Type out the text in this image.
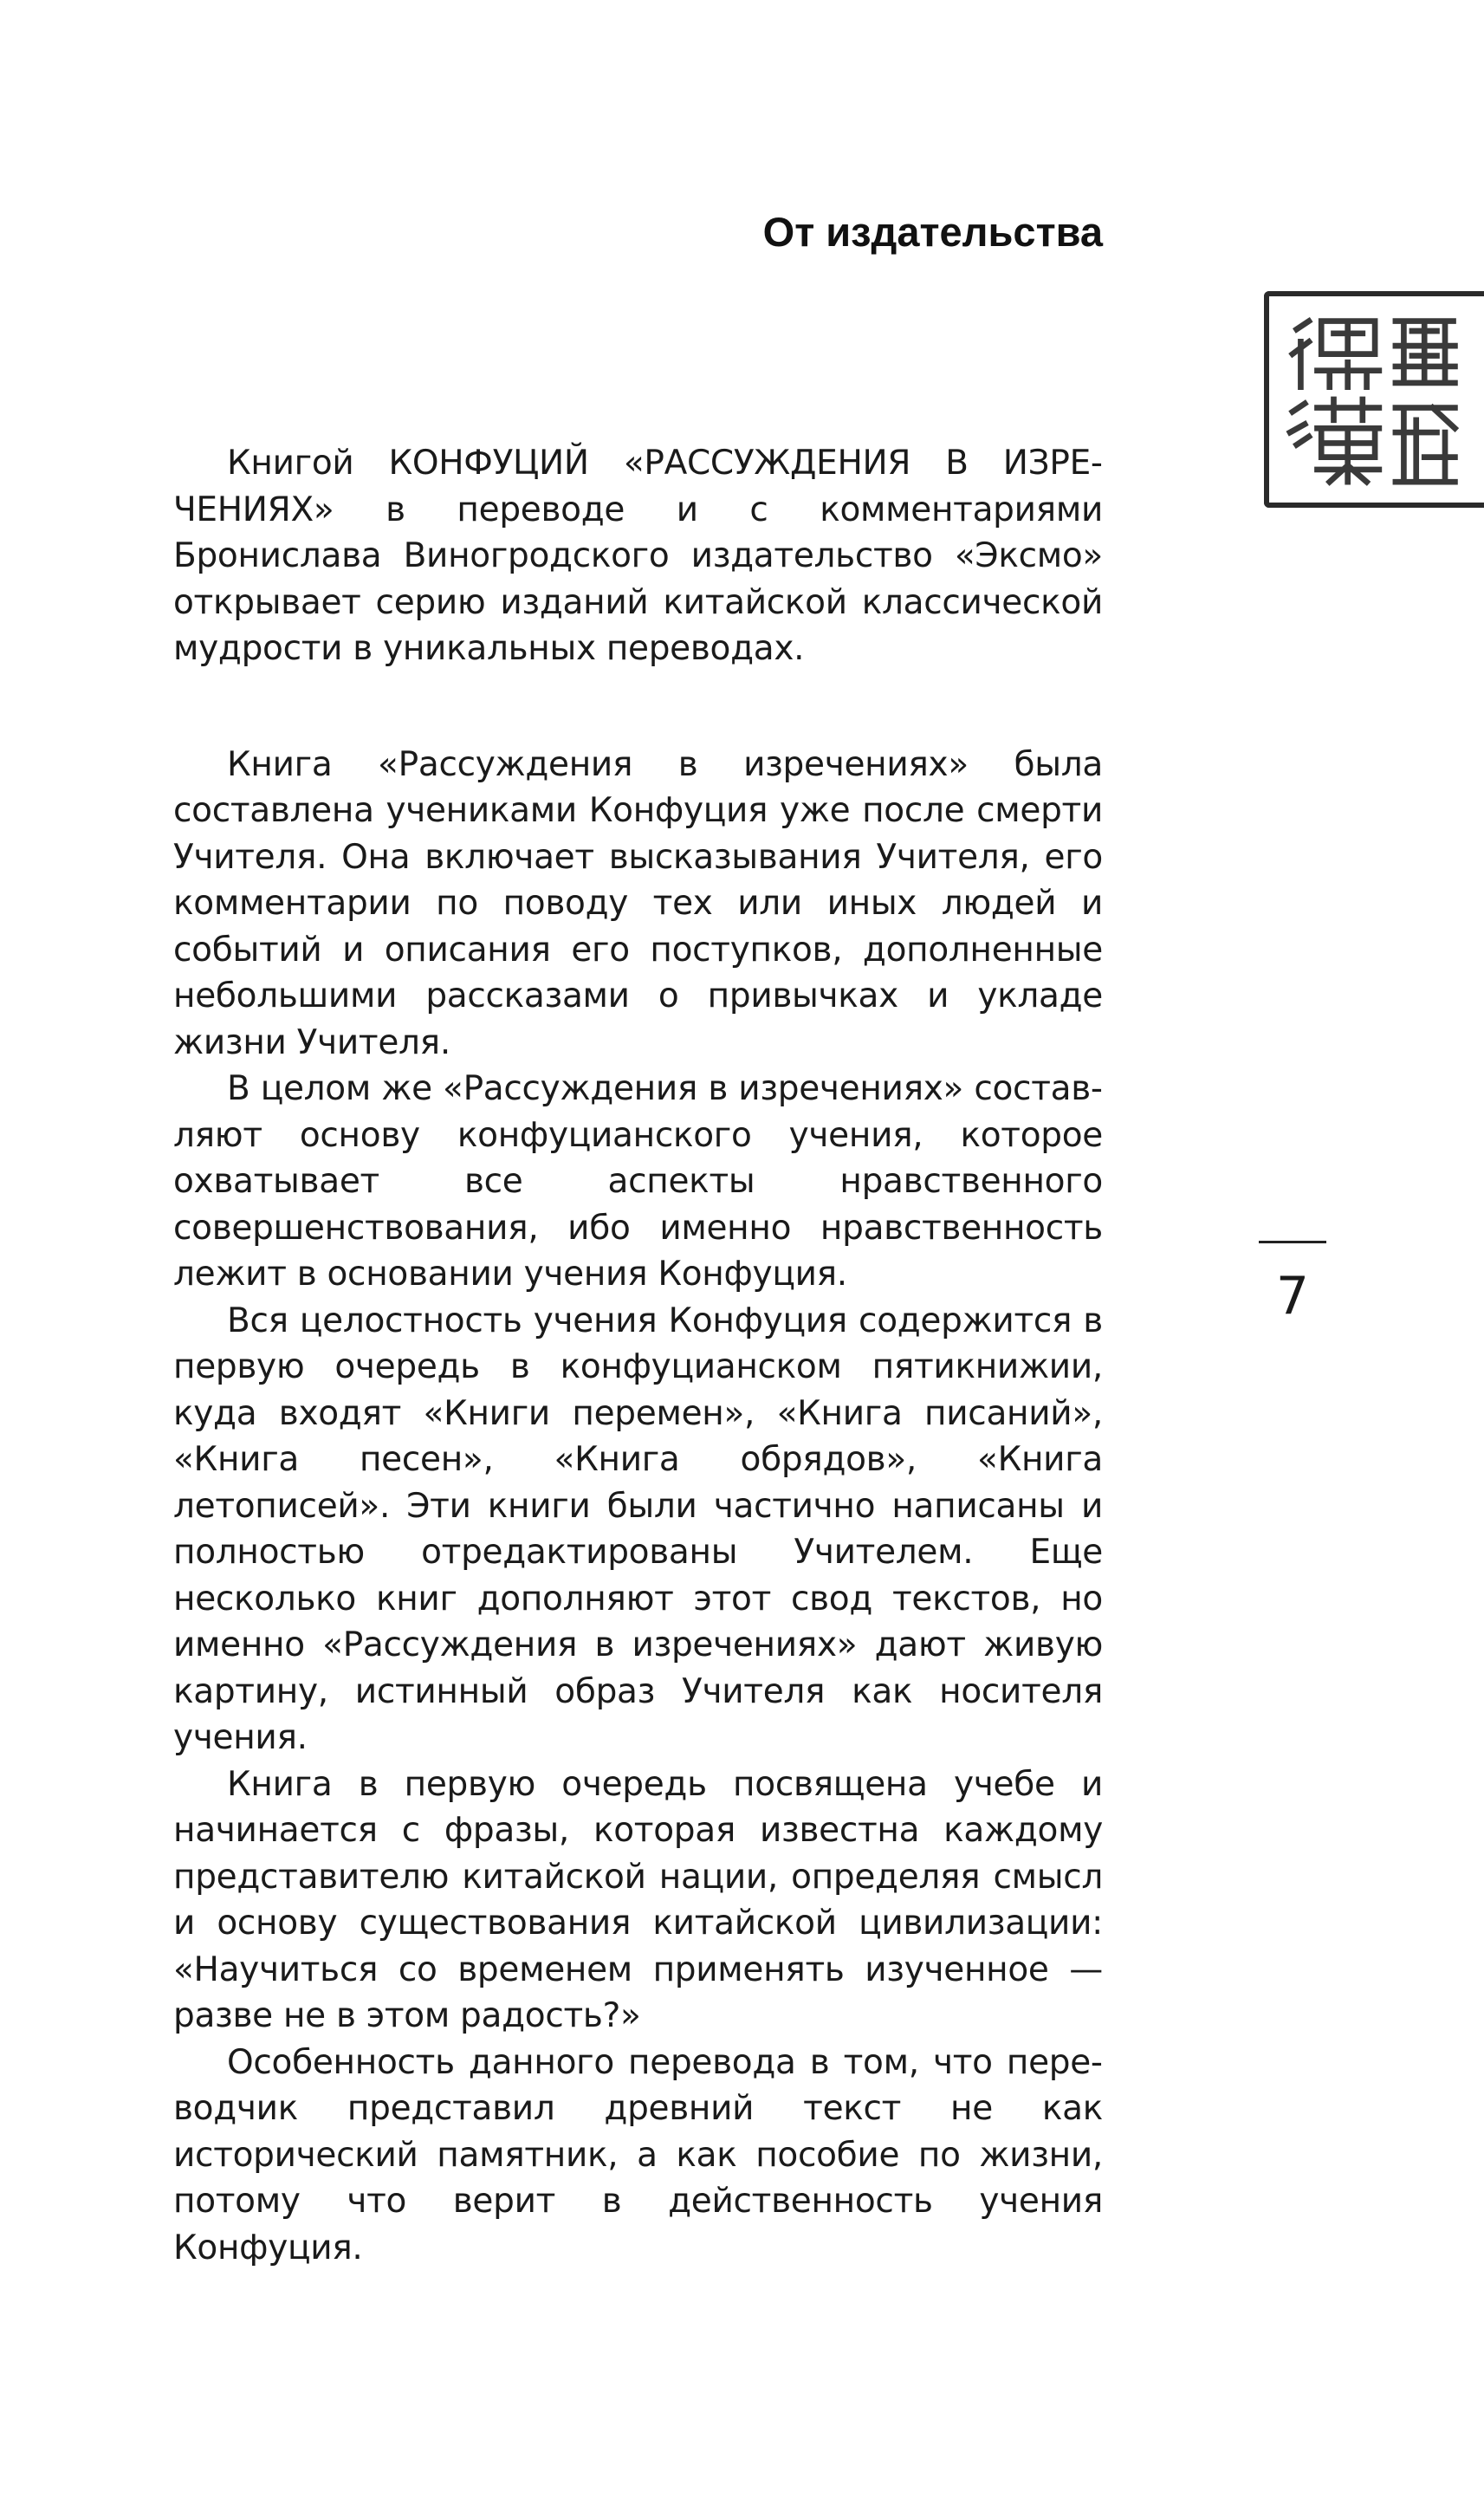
От издательства
7

Книгой КОНФУЦИЙ «РАССУЖДЕНИЯ В ИЗРЕЧЕНИЯХ» в переводе и с комментариями Бронислава Виногродского издательство «Эксмо» открывает серию изданий китайской классической мудрости в уникальных переводах.

Книга «Рассуждения в изречениях» была составлена учениками Конфуция уже после смерти Учителя. Она включает высказывания Учителя, его комментарии по поводу тех или иных людей и событий и описания его поступков, дополненные небольшими рассказами о привычках и укладе жизни Учителя.

В целом же «Рассуждения в изречениях» составляют основу конфуцианского учения, которое охватывает все аспекты нравственного совершенствования, ибо именно нравственность лежит в основании учения Конфуция.

Вся целостность учения Конфуция содержится в первую очередь в конфуцианском пятикнижии, куда входят «Книги перемен», «Книга писаний», «Книга песен», «Книга обрядов», «Книга летописей». Эти книги были частично написаны и полностью отредактированы Учителем. Еще несколько книг дополняют этот свод текстов, но именно «Рассуждения в изречениях» дают живую картину, истинный образ Учителя как носителя учения.

Книга в первую очередь посвящена учебе и начинается с фразы, которая известна каждому представителю китайской нации, определяя смысл и основу существования китайской цивилизации: «Научиться со временем применять изученное — разве не в этом радость?»

Особенность данного перевода в том, что переводчик представил древний текст не как исторический памятник, а как пособие по жизни, потому что верит в действенность учения Конфуция.
